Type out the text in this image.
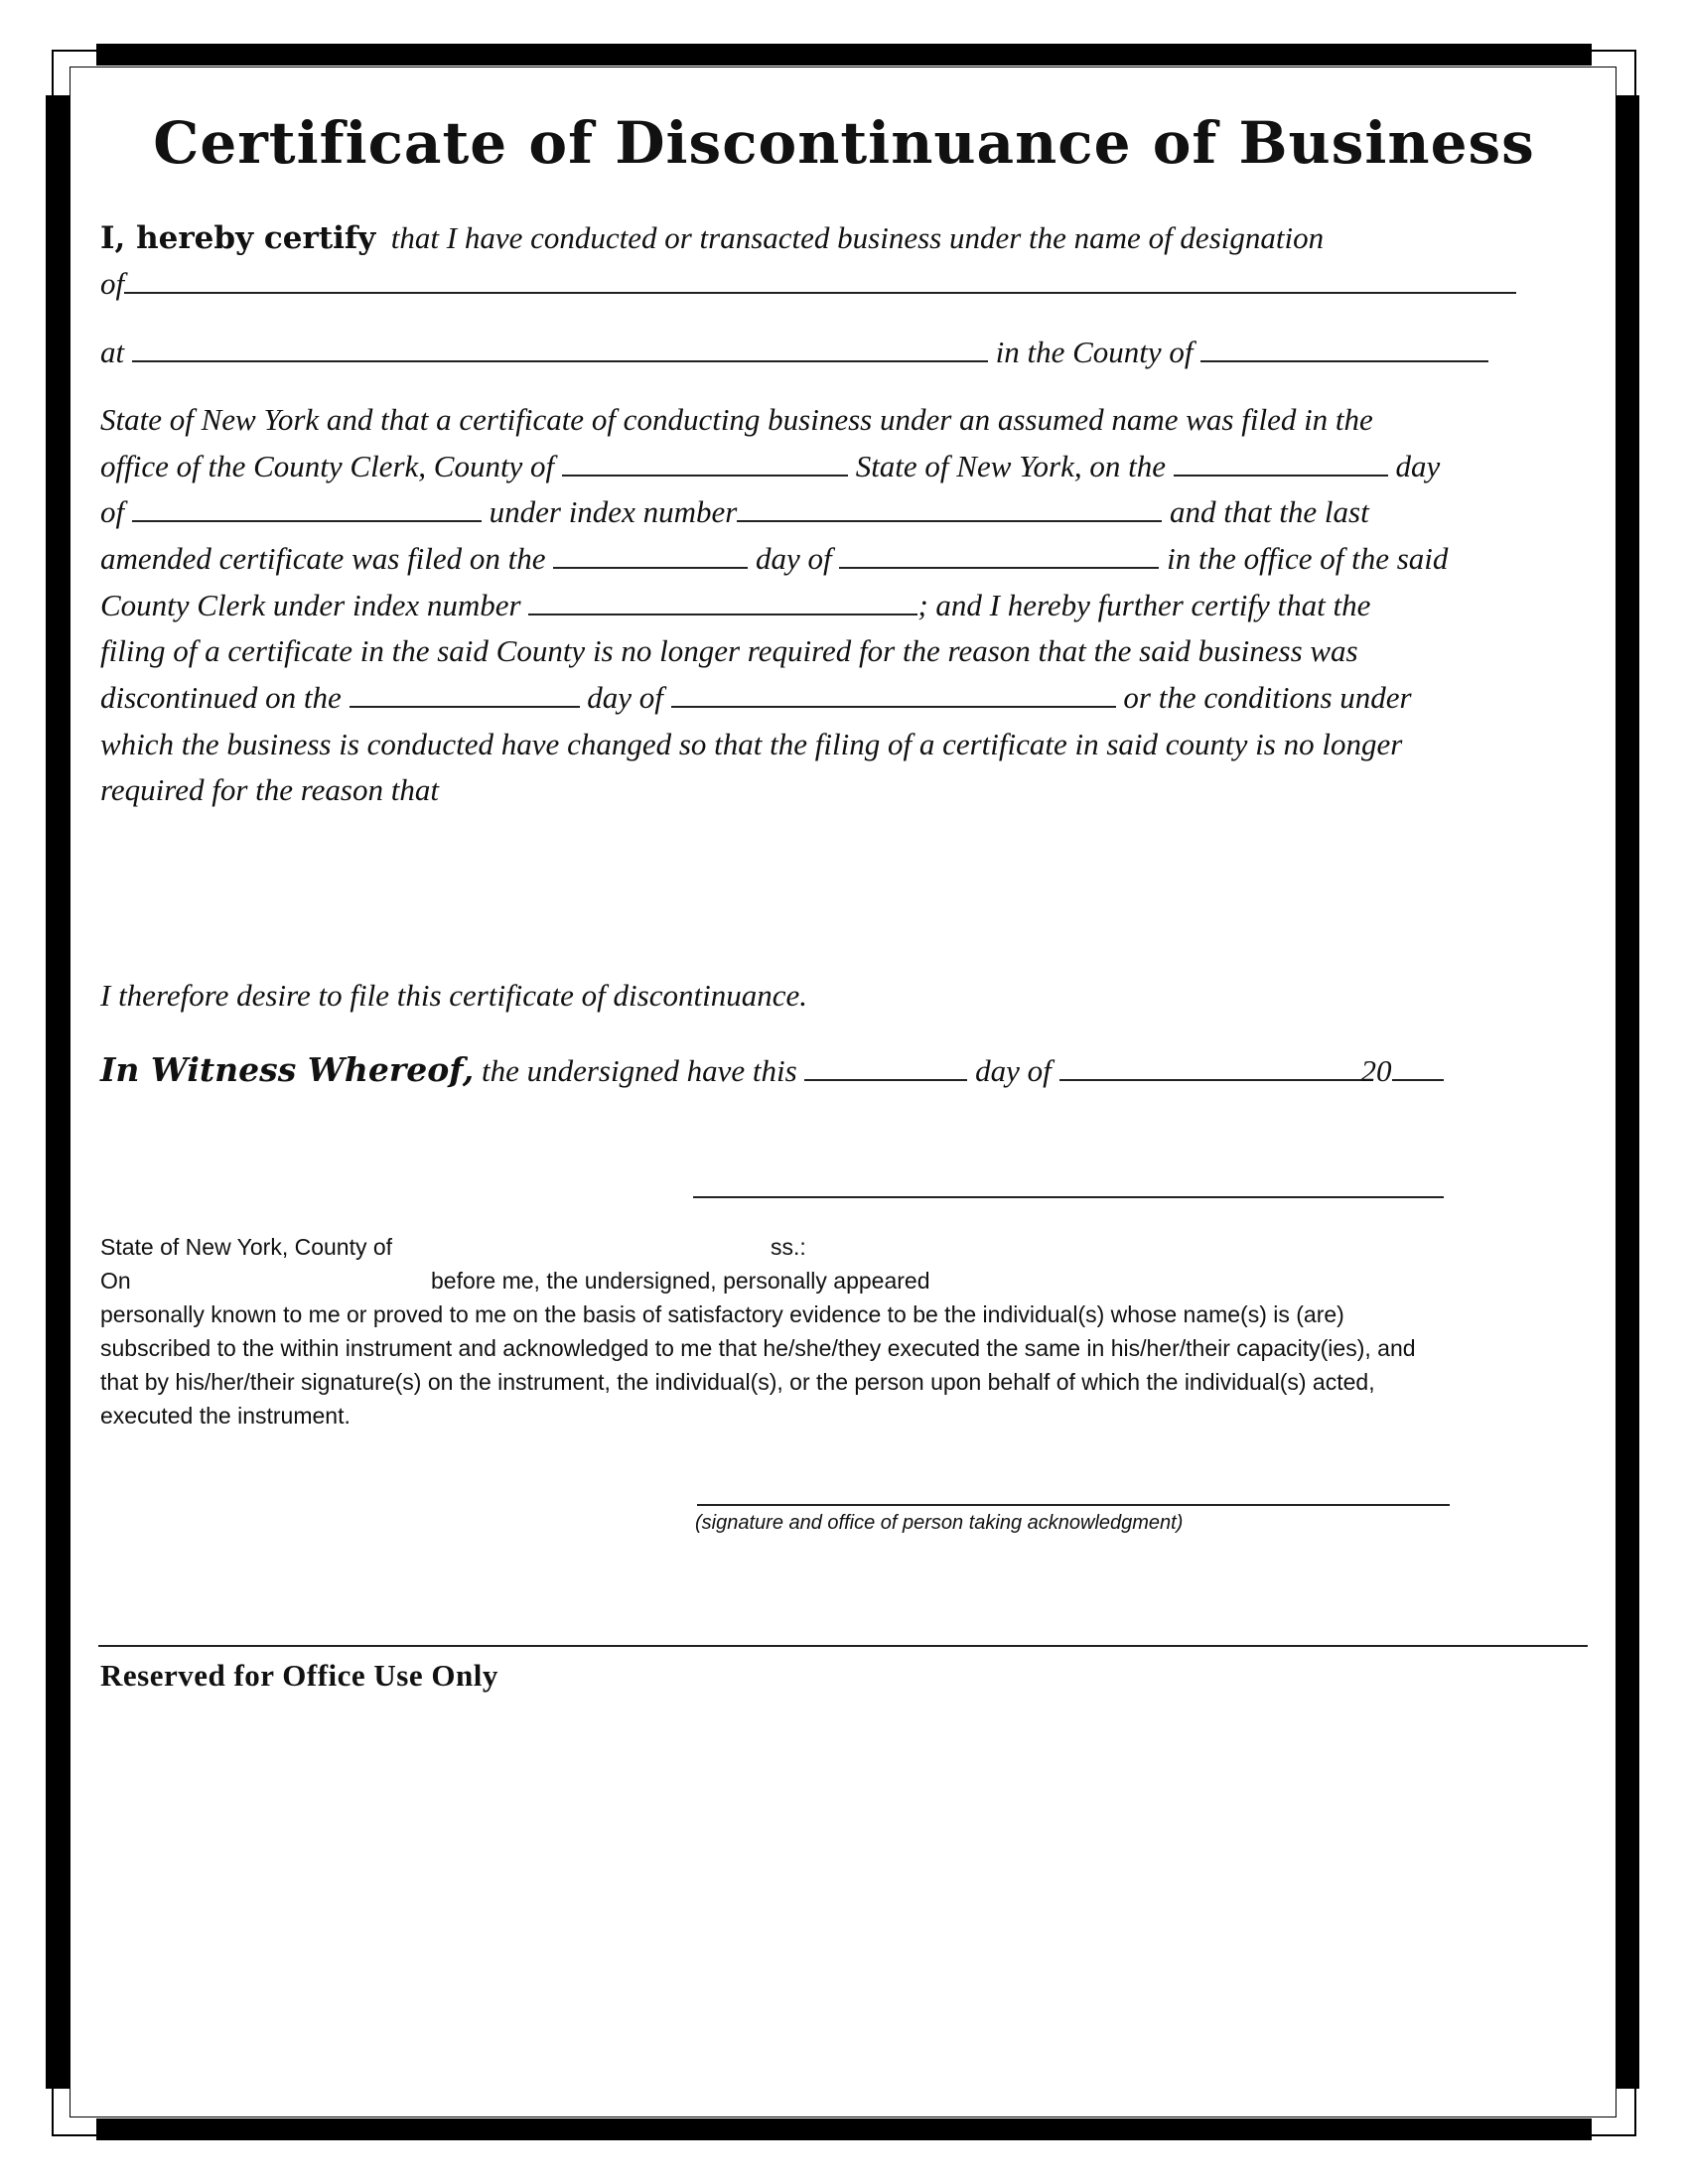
Certificate of Discontinuance of Business
I, hereby certify that I have conducted or transacted business under the name of designation
of
at	in the County of
State of New York and that a certificate of conducting business under an assumed name was filed in the
office of the County Clerk, County of	State of New York, on the	day
of	under index number	and that the last
amended certificate was filed on the	day of	in the office of the said
County Clerk under index number	; and I hereby further certify that the
filing of a certificate in the said County is no longer required for the reason that the said business was
discontinued on the	day of	or the conditions under
which the business is conducted have changed so that the filing of a certificate in said county is no longer
required for the reason that
I therefore desire to file this certificate of discontinuance.
In Witness Whereof, the undersigned have this	day of	20
State of New York, County of	ss.:
On	before me, the undersigned, personally appeared
personally known to me or proved to me on the basis of satisfactory evidence to be the individual(s) whose name(s) is (are)
subscribed to the within instrument and acknowledged to me that he/she/they executed the same in his/her/their capacity(ies), and
that by his/her/their signature(s) on the instrument, the individual(s), or the person upon behalf of which the individual(s) acted,
executed the instrument.
(signature and office of person taking acknowledgment)
Reserved for Office Use Only
